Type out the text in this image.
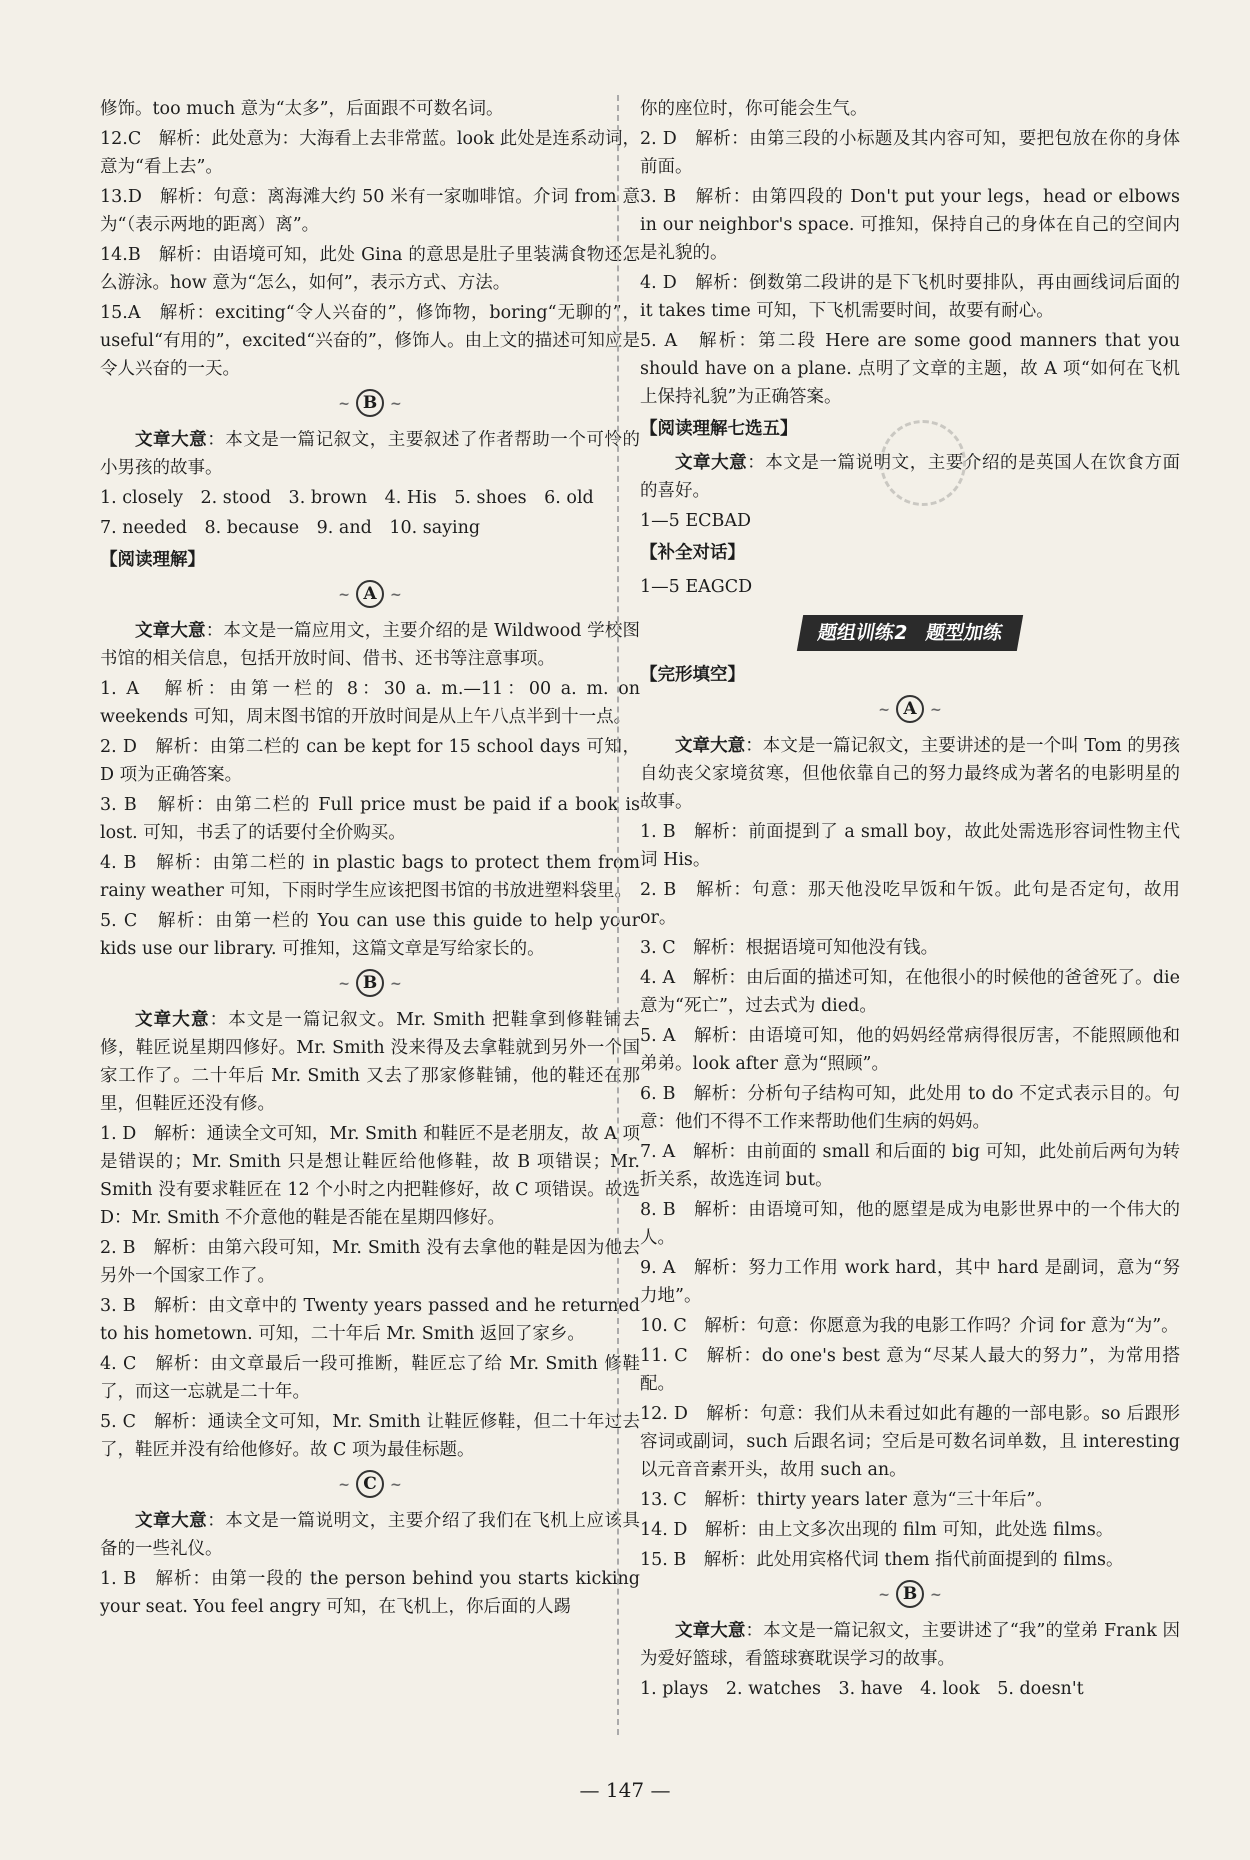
修饰。too much 意为“太多”，后面跟不可数名词。

12.C　解析：此处意为：大海看上去非常蓝。look 此处是连系动词，意为“看上去”。

13.D　解析：句意：离海滩大约 50 米有一家咖啡馆。介词 from 意为“（表示两地的距离）离”。

14.B　解析：由语境可知，此处 Gina 的意思是肚子里装满食物还怎么游泳。how 意为“怎么，如何”，表示方式、方法。

15.A　解析：exciting“令人兴奋的”，修饰物，boring“无聊的”，useful“有用的”，excited“兴奋的”，修饰人。由上文的描述可知应是令人兴奋的一天。

~ B ~

文章大意：本文是一篇记叙文，主要叙述了作者帮助一个可怜的小男孩的故事。

1. closely　2. stood　3. brown　4. His　5. shoes　6. old

7. needed　8. because　9. and　10. saying

【阅读理解】

~ A ~

文章大意：本文是一篇应用文，主要介绍的是 Wildwood 学校图书馆的相关信息，包括开放时间、借书、还书等注意事项。

1. A　解析：由第一栏的 8：30 a. m.—11：00 a. m. on weekends 可知，周末图书馆的开放时间是从上午八点半到十一点。

2. D　解析：由第二栏的 can be kept for 15 school days 可知，D 项为正确答案。

3. B　解析：由第二栏的 Full price must be paid if a book is lost. 可知，书丢了的话要付全价购买。

4. B　解析：由第二栏的 in plastic bags to protect them from rainy weather 可知，下雨时学生应该把图书馆的书放进塑料袋里。

5. C　解析：由第一栏的 You can use this guide to help your kids use our library. 可推知，这篇文章是写给家长的。

~ B ~

文章大意：本文是一篇记叙文。Mr. Smith 把鞋拿到修鞋铺去修，鞋匠说星期四修好。Mr. Smith 没来得及去拿鞋就到另外一个国家工作了。二十年后 Mr. Smith 又去了那家修鞋铺，他的鞋还在那里，但鞋匠还没有修。

1. D　解析：通读全文可知，Mr. Smith 和鞋匠不是老朋友，故 A 项是错误的；Mr. Smith 只是想让鞋匠给他修鞋，故 B 项错误；Mr. Smith 没有要求鞋匠在 12 个小时之内把鞋修好，故 C 项错误。故选 D：Mr. Smith 不介意他的鞋是否能在星期四修好。

2. B　解析：由第六段可知，Mr. Smith 没有去拿他的鞋是因为他去另外一个国家工作了。

3. B　解析：由文章中的 Twenty years passed and he returned to his hometown. 可知，二十年后 Mr. Smith 返回了家乡。

4. C　解析：由文章最后一段可推断，鞋匠忘了给 Mr. Smith 修鞋了，而这一忘就是二十年。

5. C　解析：通读全文可知，Mr. Smith 让鞋匠修鞋，但二十年过去了，鞋匠并没有给他修好。故 C 项为最佳标题。

~ C ~

文章大意：本文是一篇说明文，主要介绍了我们在飞机上应该具备的一些礼仪。

1. B　解析：由第一段的 the person behind you starts kicking your seat. You feel angry 可知，在飞机上，你后面的人踢

你的座位时，你可能会生气。

2. D　解析：由第三段的小标题及其内容可知，要把包放在你的身体前面。

3. B　解析：由第四段的 Don't put your legs，head or elbows in our neighbor's space. 可推知，保持自己的身体在自己的空间内是礼貌的。

4. D　解析：倒数第二段讲的是下飞机时要排队，再由画线词后面的 it takes time 可知，下飞机需要时间，故要有耐心。

5. A　解析：第二段 Here are some good manners that you should have on a plane. 点明了文章的主题，故 A 项“如何在飞机上保持礼貌”为正确答案。

【阅读理解七选五】

文章大意：本文是一篇说明文，主要介绍的是英国人在饮食方面的喜好。

1—5 ECBAD

【补全对话】

1—5 EAGCD

题组训练2　题型加练

【完形填空】

~ A ~

文章大意：本文是一篇记叙文，主要讲述的是一个叫 Tom 的男孩自幼丧父家境贫寒，但他依靠自己的努力最终成为著名的电影明星的故事。

1. B　解析：前面提到了 a small boy，故此处需选形容词性物主代词 His。

2. B　解析：句意：那天他没吃早饭和午饭。此句是否定句，故用 or。

3. C　解析：根据语境可知他没有钱。

4. A　解析：由后面的描述可知，在他很小的时候他的爸爸死了。die 意为“死亡”，过去式为 died。

5. A　解析：由语境可知，他的妈妈经常病得很厉害，不能照顾他和弟弟。look after 意为“照顾”。

6. B　解析：分析句子结构可知，此处用 to do 不定式表示目的。句意：他们不得不工作来帮助他们生病的妈妈。

7. A　解析：由前面的 small 和后面的 big 可知，此处前后两句为转折关系，故选连词 but。

8. B　解析：由语境可知，他的愿望是成为电影世界中的一个伟大的人。

9. A　解析：努力工作用 work hard，其中 hard 是副词，意为“努力地”。

10. C　解析：句意：你愿意为我的电影工作吗？介词 for 意为“为”。

11. C　解析：do one's best 意为“尽某人最大的努力”，为常用搭配。

12. D　解析：句意：我们从未看过如此有趣的一部电影。so 后跟形容词或副词，such 后跟名词；空后是可数名词单数，且 interesting 以元音音素开头，故用 such an。

13. C　解析：thirty years later 意为“三十年后”。

14. D　解析：由上文多次出现的 film 可知，此处选 films。

15. B　解析：此处用宾格代词 them 指代前面提到的 films。

~ B ~

文章大意：本文是一篇记叙文，主要讲述了“我”的堂弟 Frank 因为爱好篮球，看篮球赛耽误学习的故事。

1. plays　2. watches　3. have　4. look　5. doesn't

— 147 —
